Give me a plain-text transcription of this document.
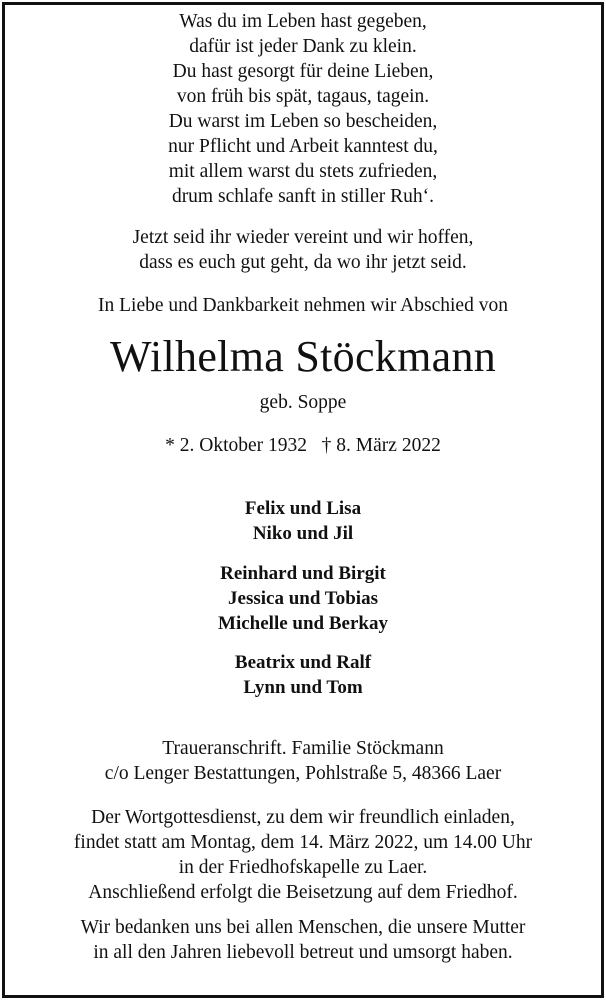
Was du im Leben hast gegeben,
dafür ist jeder Dank zu klein.
Du hast gesorgt für deine Lieben,
von früh bis spät, tagaus, tagein.
Du warst im Leben so bescheiden,
nur Pflicht und Arbeit kanntest du,
mit allem warst du stets zufrieden,
drum schlafe sanft in stiller Ruh‘.
Jetzt seid ihr wieder vereint und wir hoffen,
dass es euch gut geht, da wo ihr jetzt seid.
In Liebe und Dankbarkeit nehmen wir Abschied von
Wilhelma Stöckmann
geb. Soppe
* 2. Oktober 1932   † 8. März 2022
Felix und Lisa
Niko und Jil
Reinhard und Birgit
Jessica und Tobias
Michelle und Berkay
Beatrix und Ralf
Lynn und Tom
Traueranschrift. Familie Stöckmann
c/o Lenger Bestattungen, Pohlstraße 5, 48366 Laer
Der Wortgottesdienst, zu dem wir freundlich einladen,
findet statt am Montag, dem 14. März 2022, um 14.00 Uhr
in der Friedhofskapelle zu Laer.
Anschließend erfolgt die Beisetzung auf dem Friedhof.
Wir bedanken uns bei allen Menschen, die unsere Mutter
in all den Jahren liebevoll betreut und umsorgt haben.
